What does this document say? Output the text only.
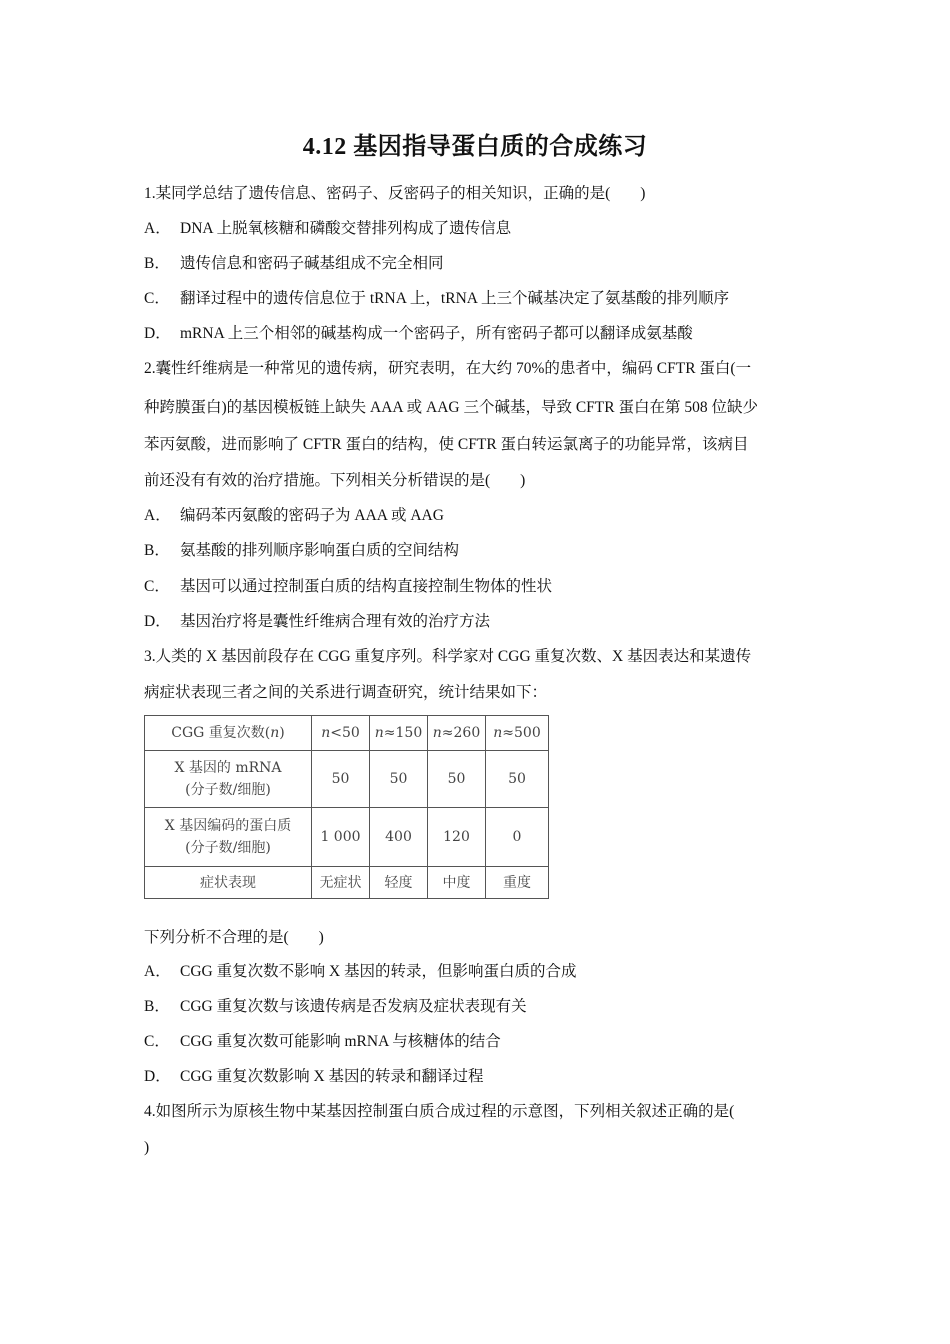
4.12 基因指导蛋白质的合成练习
1.某同学总结了遗传信息、密码子、反密码子的相关知识，正确的是( )
A． DNA 上脱氧核糖和磷酸交替排列构成了遗传信息
B． 遗传信息和密码子碱基组成不完全相同
C． 翻译过程中的遗传信息位于 tRNA 上，tRNA 上三个碱基决定了氨基酸的排列顺序
D． mRNA 上三个相邻的碱基构成一个密码子，所有密码子都可以翻译成氨基酸
2.囊性纤维病是一种常见的遗传病，研究表明，在大约 70%的患者中，编码 CFTR 蛋白(一
种跨膜蛋白)的基因模板链上缺失 AAA 或 AAG 三个碱基，导致 CFTR 蛋白在第 508 位缺少
苯丙氨酸，进而影响了 CFTR 蛋白的结构，使 CFTR 蛋白转运氯离子的功能异常，该病目
前还没有有效的治疗措施。下列相关分析错误的是( )
A． 编码苯丙氨酸的密码子为 AAA 或 AAG
B． 氨基酸的排列顺序影响蛋白质的空间结构
C． 基因可以通过控制蛋白质的结构直接控制生物体的性状
D． 基因治疗将是囊性纤维病合理有效的治疗方法
3.人类的 X 基因前段存在 CGG 重复序列。科学家对 CGG 重复次数、X 基因表达和某遗传
病症状表现三者之间的关系进行调查研究，统计结果如下：
CGG 重复次数(n)	n<50	n≈150	n≈260	n≈500

X 基因的 mRNA
(分子数/细胞)	50	50	50	50

X 基因编码的蛋白质
(分子数/细胞)	1 000	400	120	0
症状表现	无症状	轻度	中度	重度
下列分析不合理的是( )
A． CGG 重复次数不影响 X 基因的转录，但影响蛋白质的合成
B． CGG 重复次数与该遗传病是否发病及症状表现有关
C． CGG 重复次数可能影响 mRNA 与核糖体的结合
D． CGG 重复次数影响 X 基因的转录和翻译过程
4.如图所示为原核生物中某基因控制蛋白质合成过程的示意图，下列相关叙述正确的是(
)
